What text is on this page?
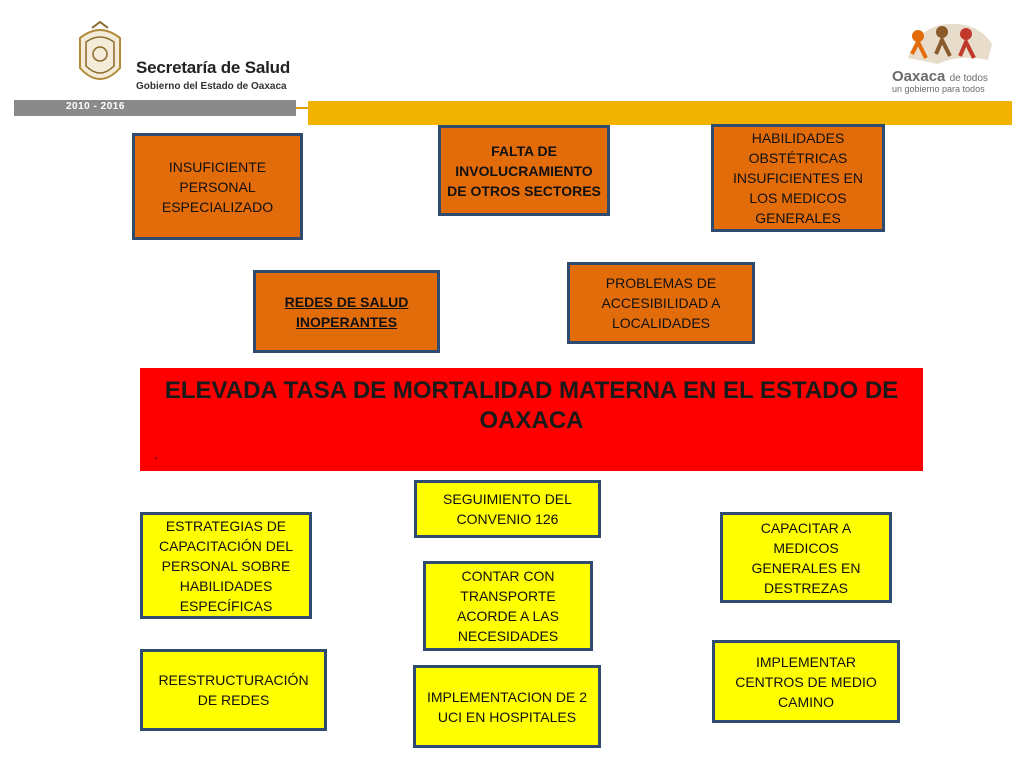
Secretaría de Salud
Gobierno del Estado de Oaxaca
2010 - 2016
Oaxaca de todos
un gobierno para todos
INSUFICIENTE PERSONAL ESPECIALIZADO
FALTA DE INVOLUCRAMIENTO DE OTROS SECTORES
HABILIDADES OBSTÉTRICAS INSUFICIENTES EN LOS MEDICOS GENERALES
REDES DE SALUD INOPERANTES
PROBLEMAS DE ACCESIBILIDAD A LOCALIDADES
ELEVADA TASA DE MORTALIDAD MATERNA EN EL ESTADO DE OAXACA
.
SEGUIMIENTO DEL CONVENIO 126
ESTRATEGIAS DE CAPACITACIÓN DEL PERSONAL SOBRE HABILIDADES ESPECÍFICAS
CAPACITAR A MEDICOS GENERALES EN DESTREZAS
CONTAR CON TRANSPORTE ACORDE A LAS NECESIDADES
REESTRUCTURACIÓN DE REDES	IMPLEMENTACION DE 2 UCI EN HOSPITALES
IMPLEMENTAR CENTROS DE MEDIO CAMINO
